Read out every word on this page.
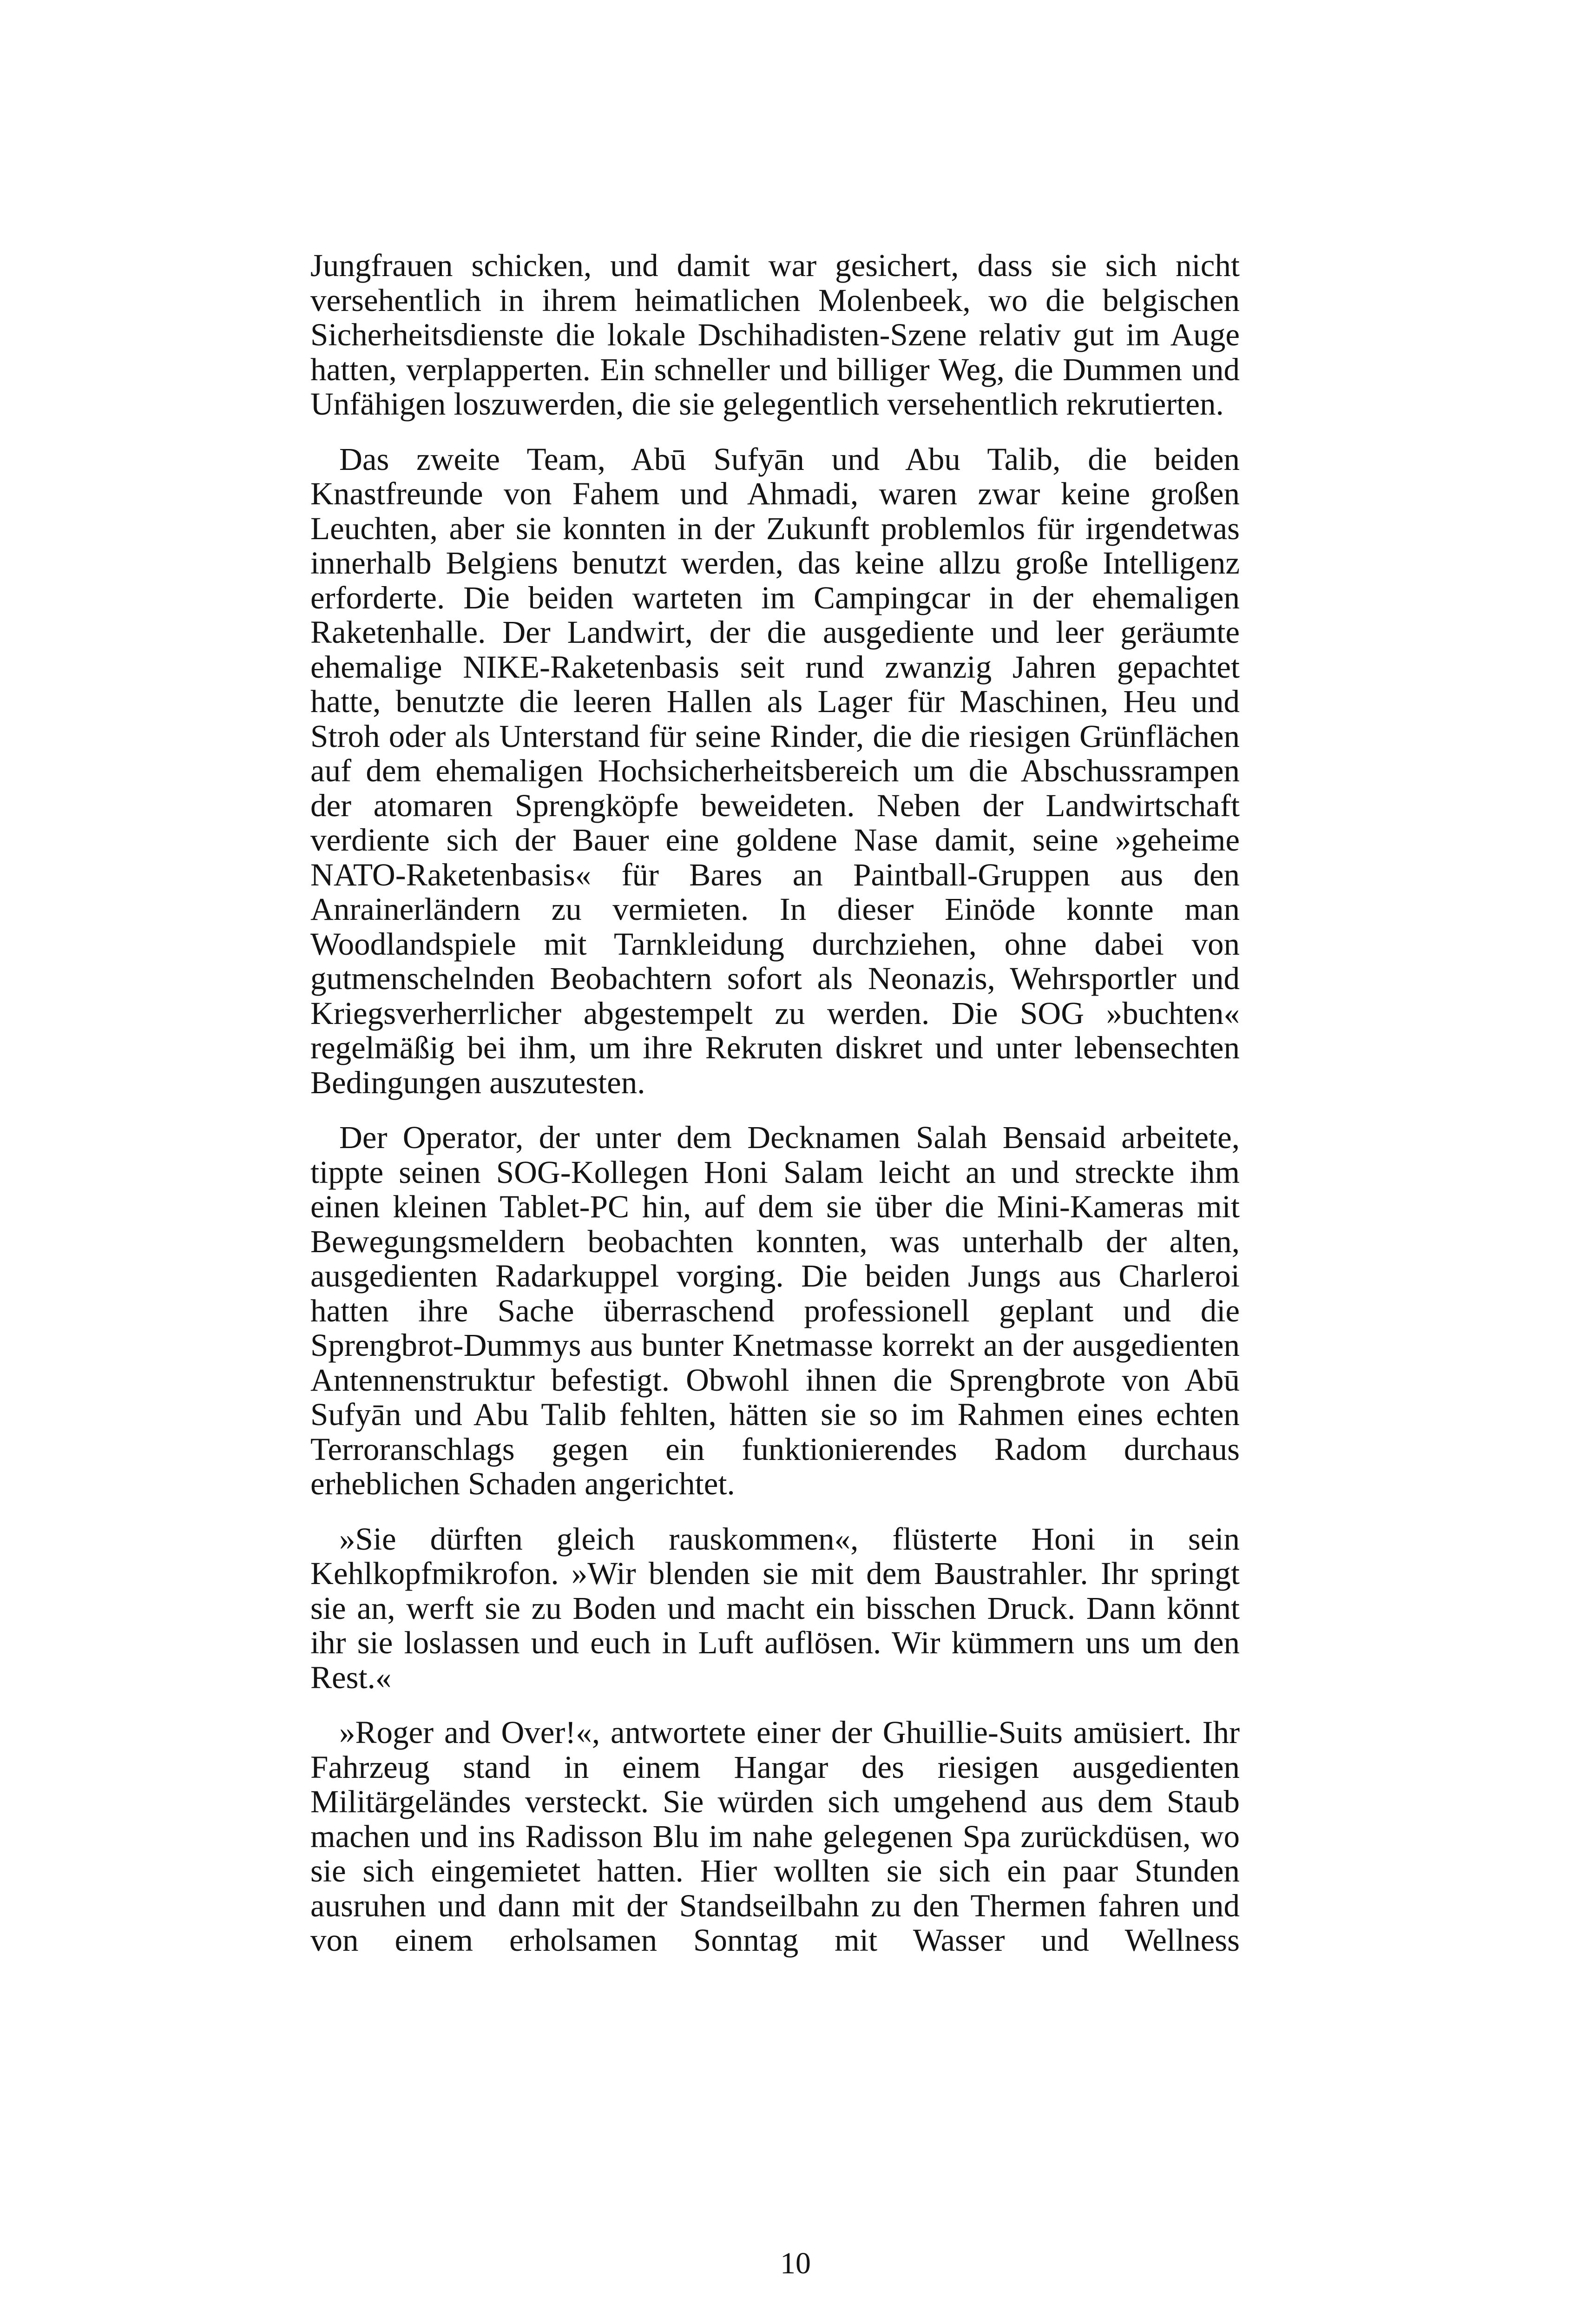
Jungfrauen schicken, und damit war gesichert, dass sie sich nicht versehentlich in ihrem heimatlichen Molenbeek, wo die belgischen Sicherheitsdienste die lokale Dschihadisten-Szene relativ gut im Auge hatten, verplapperten. Ein schneller und billiger Weg, die Dummen und Unfähigen loszuwerden, die sie gelegentlich versehentlich rekrutierten.

Das zweite Team, Abū Sufyān und Abu Talib, die beiden Knastfreunde von Fahem und Ahmadi, waren zwar keine großen Leuchten, aber sie konnten in der Zukunft problemlos für irgendetwas innerhalb Belgiens benutzt werden, das keine allzu große Intelligenz erforderte. Die beiden warteten im Campingcar in der ehemaligen Raketenhalle. Der Landwirt, der die ausgediente und leer geräumte ehemalige NIKE-Raketenbasis seit rund zwanzig Jahren gepachtet hatte, benutzte die leeren Hallen als Lager für Maschinen, Heu und Stroh oder als Unterstand für seine Rinder, die die riesigen Grünflächen auf dem ehemaligen Hochsicherheitsbereich um die Abschussrampen der atomaren Sprengköpfe beweideten. Neben der Landwirtschaft verdiente sich der Bauer eine goldene Nase damit, seine »geheime NATO-Raketenbasis« für Bares an Paintball-Gruppen aus den Anrainerländern zu vermieten. In dieser Einöde konnte man Woodlandspiele mit Tarnkleidung durchziehen, ohne dabei von gutmenschelnden Beobachtern sofort als Neonazis, Wehrsportler und Kriegsverherrlicher abgestempelt zu werden. Die SOG »buchten« regelmäßig bei ihm, um ihre Rekruten diskret und unter lebensechten Bedingungen auszutesten.

Der Operator, der unter dem Decknamen Salah Bensaid arbeitete, tippte seinen SOG-Kollegen Honi Salam leicht an und streckte ihm einen kleinen Tablet-PC hin, auf dem sie über die Mini-Kameras mit Bewegungsmeldern beobachten konnten, was unterhalb der alten, ausgedienten Radarkuppel vorging. Die beiden Jungs aus Charleroi hatten ihre Sache überraschend professionell geplant und die Sprengbrot-Dummys aus bunter Knetmasse korrekt an der ausgedienten Antennenstruktur befestigt. Obwohl ihnen die Sprengbrote von Abū Sufyān und Abu Talib fehlten, hätten sie so im Rahmen eines echten Terroranschlags gegen ein funktionierendes Radom durchaus erheblichen Schaden angerichtet.

»Sie dürften gleich rauskommen«, flüsterte Honi in sein Kehlkopfmikrofon. »Wir blenden sie mit dem Baustrahler. Ihr springt sie an, werft sie zu Boden und macht ein bisschen Druck. Dann könnt ihr sie loslassen und euch in Luft auflösen. Wir kümmern uns um den Rest.«

»Roger and Over!«, antwortete einer der Ghuillie-Suits amüsiert. Ihr Fahrzeug stand in einem Hangar des riesigen ausgedienten Militärgeländes versteckt. Sie würden sich umgehend aus dem Staub machen und ins Radisson Blu im nahe gelegenen Spa zurückdüsen, wo sie sich eingemietet hatten. Hier wollten sie sich ein paar Stunden ausruhen und dann mit der Standseilbahn zu den Thermen fahren und von einem erholsamen Sonntag mit Wasser und Wellness

10
